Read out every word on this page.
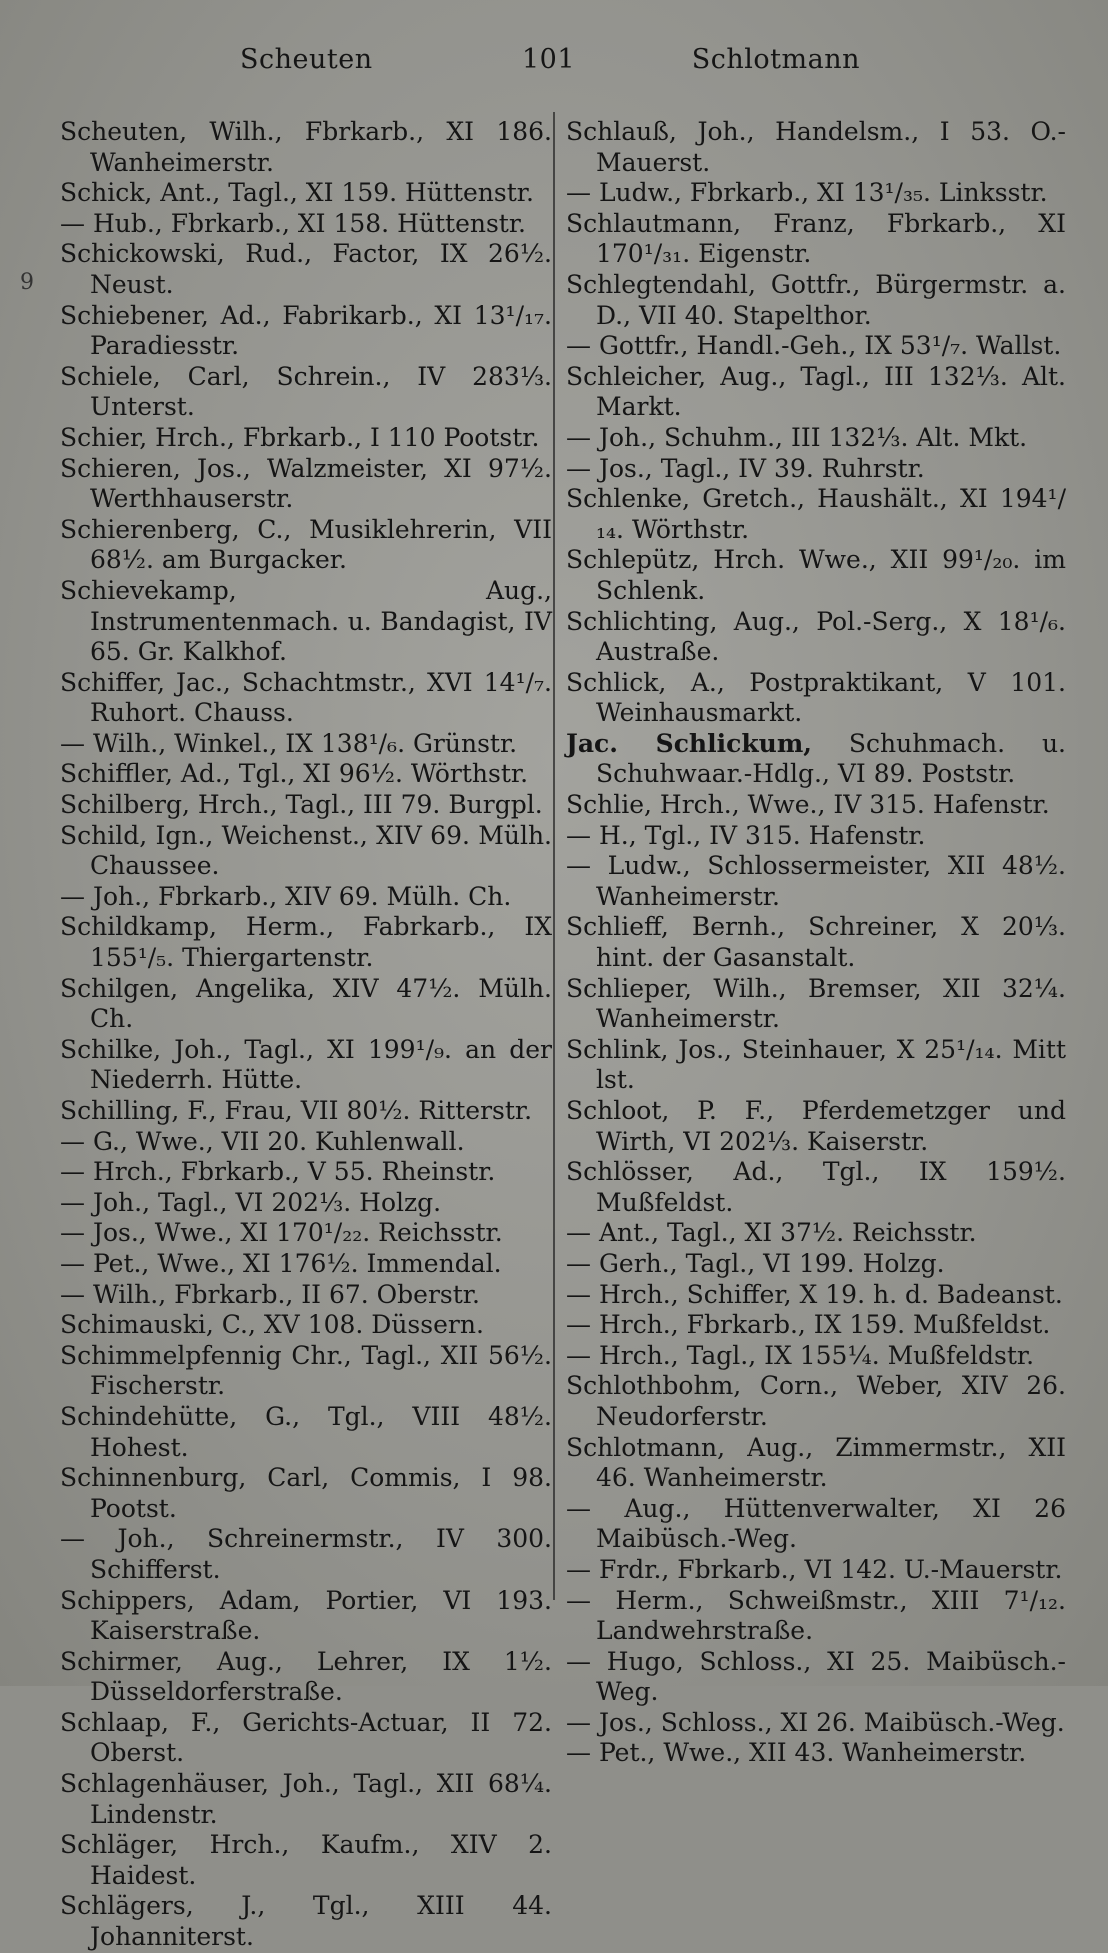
Scheuten	101	Schlotmann
9
Scheuten, Wilh., Fbrkarb., XI 186. Wanheimerstr.
Schick, Ant., Tagl., XI 159. Hüttenstr.
— Hub., Fbrkarb., XI 158. Hüttenstr.
Schickowski, Rud., Factor, IX 26½. Neust.
Schiebener, Ad., Fabrikarb., XI 13¹/₁₇. Paradiesstr.
Schiele, Carl, Schrein., IV 283⅓. Unterst.
Schier, Hrch., Fbrkarb., I 110 Pootstr.
Schieren, Jos., Walzmeister, XI 97½. Werthhauserstr.
Schierenberg, C., Musiklehrerin, VII 68½. am Burgacker.
Schievekamp, Aug., Instrumentenmach. u. Bandagist, IV 65. Gr. Kalkhof.
Schiffer, Jac., Schachtmstr., XVI 14¹/₇. Ruhort. Chauss.
— Wilh., Winkel., IX 138¹/₆. Grünstr.
Schiffler, Ad., Tgl., XI 96½. Wörthstr.
Schilberg, Hrch., Tagl., III 79. Burgpl.
Schild, Ign., Weichenst., XIV 69. Mülh. Chaussee.
— Joh., Fbrkarb., XIV 69. Mülh. Ch.
Schildkamp, Herm., Fabrkarb., IX 155¹/₅. Thiergartenstr.
Schilgen, Angelika, XIV 47½. Mülh. Ch.
Schilke, Joh., Tagl., XI 199¹/₉. an der Niederrh. Hütte.
Schilling, F., Frau, VII 80½. Ritterstr.
— G., Wwe., VII 20. Kuhlenwall.
— Hrch., Fbrkarb., V 55. Rheinstr.
— Joh., Tagl., VI 202⅓. Holzg.
— Jos., Wwe., XI 170¹/₂₂. Reichsstr.
— Pet., Wwe., XI 176½. Immendal.
— Wilh., Fbrkarb., II 67. Oberstr.
Schimauski, C., XV 108. Düssern.
Schimmelpfennig Chr., Tagl., XII 56½. Fischerstr.
Schindehütte, G., Tgl., VIII 48½. Hohest.
Schinnenburg, Carl, Commis, I 98. Pootst.
— Joh., Schreinermstr., IV 300. Schifferst.
Schippers, Adam, Portier, VI 193. Kaiserstraße.
Schirmer, Aug., Lehrer, IX 1½. Düsseldorferstraße.
Schlaap, F., Gerichts-Actuar, II 72. Oberst.
Schlagenhäuser, Joh., Tagl., XII 68¼. Lindenstr.
Schläger, Hrch., Kaufm., XIV 2. Haidest.
Schlägers, J., Tgl., XIII 44. Johanniterst.
Schlauß, Joh., Handelsm., I 53. O.-Mauerst.
— Ludw., Fbrkarb., XI 13¹/₃₅. Linksstr.
Schlautmann, Franz, Fbrkarb., XI 170¹/₃₁. Eigenstr.
Schlegtendahl, Gottfr., Bürgermstr. a. D., VII 40. Stapelthor.
— Gottfr., Handl.-Geh., IX 53¹/₇. Wallst.
Schleicher, Aug., Tagl., III 132⅓. Alt. Markt.
— Joh., Schuhm., III 132⅓. Alt. Mkt.
— Jos., Tagl., IV 39. Ruhrstr.
Schlenke, Gretch., Haushält., XI 194¹/₁₄. Wörthstr.
Schlepütz, Hrch. Wwe., XII 99¹/₂₀. im Schlenk.
Schlichting, Aug., Pol.-Serg., X 18¹/₆. Austraße.
Schlick, A., Postpraktikant, V 101. Weinhausmarkt.
Jac. Schlickum, Schuhmach. u. Schuhwaar.-Hdlg., VI 89. Poststr.
Schlie, Hrch., Wwe., IV 315. Hafenstr.
— H., Tgl., IV 315. Hafenstr.
— Ludw., Schlossermeister, XII 48½. Wanheimerstr.
Schlieff, Bernh., Schreiner, X 20⅓. hint. der Gasanstalt.
Schlieper, Wilh., Bremser, XII 32¼. Wanheimerstr.
Schlink, Jos., Steinhauer, X 25¹/₁₄. Mitt lst.
Schloot, P. F., Pferdemetzger und Wirth, VI 202⅓. Kaiserstr.
Schlösser, Ad., Tgl., IX 159½. Mußfeldst.
— Ant., Tagl., XI 37½. Reichsstr.
— Gerh., Tagl., VI 199. Holzg.
— Hrch., Schiffer, X 19. h. d. Badeanst.
— Hrch., Fbrkarb., IX 159. Mußfeldst.
— Hrch., Tagl., IX 155¼. Mußfeldstr.
Schlothbohm, Corn., Weber, XIV 26. Neudorferstr.
Schlotmann, Aug., Zimmermstr., XII 46. Wanheimerstr.
— Aug., Hüttenverwalter, XI 26 Maibüsch.-Weg.
— Frdr., Fbrkarb., VI 142. U.-Mauerstr.
— Herm., Schweißmstr., XIII 7¹/₁₂. Landwehrstraße.
— Hugo, Schloss., XI 25. Maibüsch.-Weg.
— Jos., Schloss., XI 26. Maibüsch.-Weg.
— Pet., Wwe., XII 43. Wanheimerstr.
